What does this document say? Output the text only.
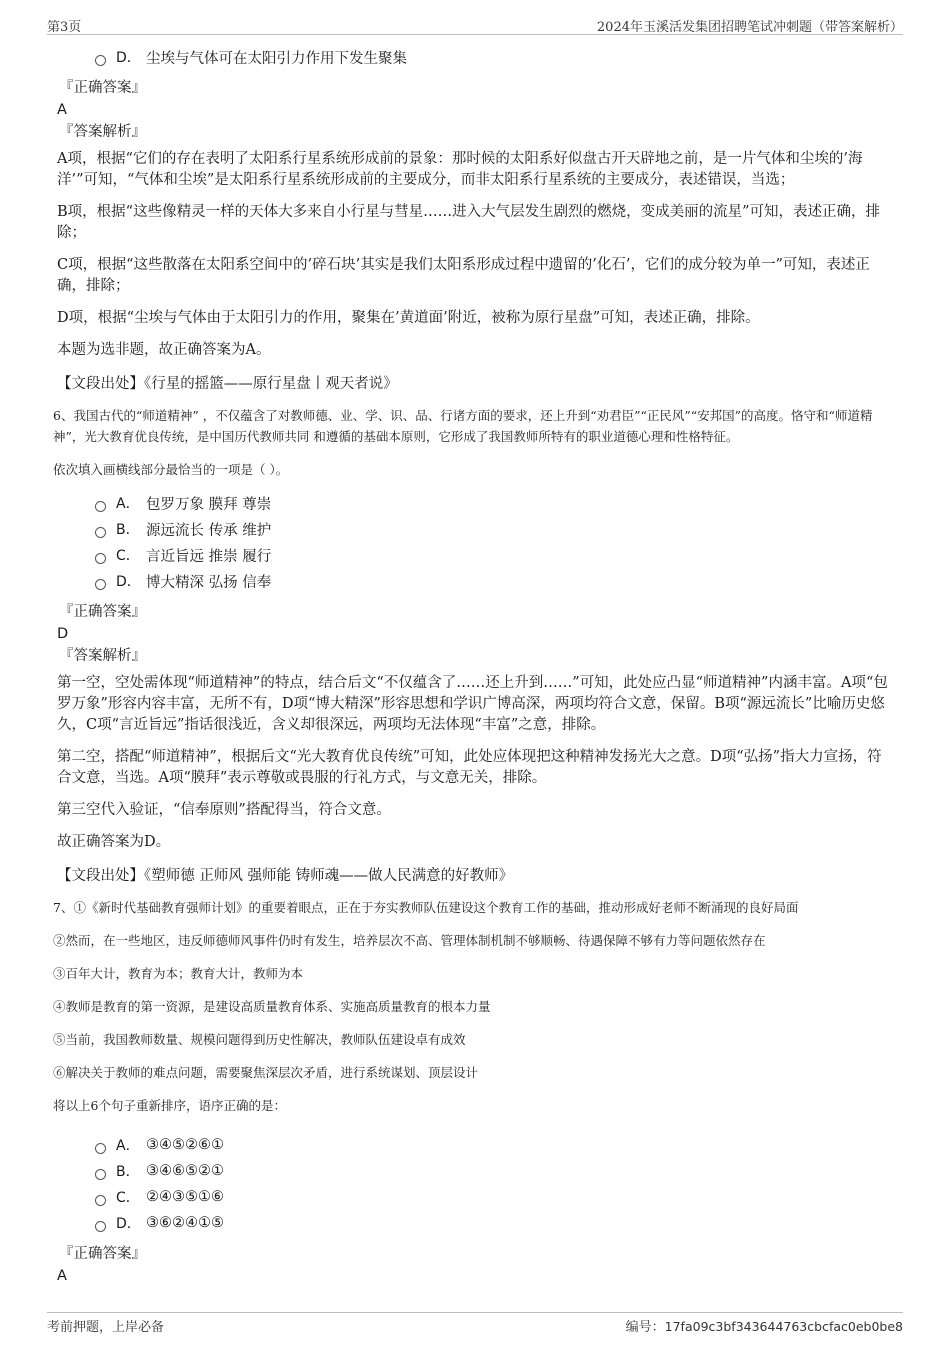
第3页	2024年玉溪活发集团招聘笔试冲刺题（带答案解析）
D． 尘埃与气体可在太阳引力作用下发生聚集
『正确答案』
A
『答案解析』

A项，根据“它们的存在表明了太阳系行星系统形成前的景象：那时候的太阳系好似盘古开天辟地之前，是一片气体和尘埃的’海洋’”可知，“气体和尘埃”是太阳系行星系统形成前的主要成分，而非太阳系行星系统的主要成分，表述错误，当选；

B项，根据“这些像精灵一样的天体大多来自小行星与彗星……进入大气层发生剧烈的燃烧，变成美丽的流星”可知，表述正确，排除；

C项，根据“这些散落在太阳系空间中的’碎石块’其实是我们太阳系形成过程中遗留的’化石’，它们的成分较为单一”可知，表述正确，排除；

D项，根据“尘埃与气体由于太阳引力的作用，聚集在’黄道面’附近，被称为原行星盘”可知，表述正确，排除。

本题为选非题，故正确答案为A。

【文段出处】《行星的摇篮——原行星盘丨观天者说》
6、我国古代的“师道精神” ，不仅蕴含了对教师德、业、学、识、品、行诸方面的要求，还上升到“劝君臣”“正民风”“安邦国”的高度。恪守和“师道精神”，光大教育优良传统，是中国历代教师共同 和遵循的基础本原则，它形成了我国教师所特有的职业道德心理和性格特征。
依次填入画横线部分最恰当的一项是（ ）。
A． 包罗万象 膜拜 尊崇
B． 源远流长 传承 维护
C． 言近旨远 推崇 履行
D． 博大精深 弘扬 信奉
『正确答案』
D
『答案解析』

第一空，空处需体现“师道精神”的特点，结合后文“不仅蕴含了……还上升到……”可知，此处应凸显“师道精神”内涵丰富。A项“包罗万象”形容内容丰富，无所不有，D项“博大精深”形容思想和学识广博高深，两项均符合文意，保留。B项“源远流长”比喻历史悠久，C项“言近旨远”指话很浅近，含义却很深远，两项均无法体现“丰富”之意，排除。

第二空，搭配“师道精神”，根据后文“光大教育优良传统”可知，此处应体现把这种精神发扬光大之意。D项“弘扬”指大力宣扬，符合文意，当选。A项“膜拜”表示尊敬或畏服的行礼方式，与文意无关，排除。

第三空代入验证，“信奉原则”搭配得当，符合文意。

故正确答案为D。

【文段出处】《塑师德 正师风 强师能 铸师魂——做人民满意的好教师》
7、①《新时代基础教育强师计划》的重要着眼点，正在于夯实教师队伍建设这个教育工作的基础，推动形成好老师不断涌现的良好局面
②然而，在一些地区，违反师德师风事件仍时有发生，培养层次不高、管理体制机制不够顺畅、待遇保障不够有力等问题依然存在
③百年大计，教育为本；教育大计，教师为本
④教师是教育的第一资源，是建设高质量教育体系、实施高质量教育的根本力量
⑤当前，我国教师数量、规模问题得到历史性解决，教师队伍建设卓有成效
⑥解决关于教师的难点问题，需要聚焦深层次矛盾，进行系统谋划、顶层设计
将以上6个句子重新排序，语序正确的是：
A． ③④⑤②⑥①
B． ③④⑥⑤②①
C． ②④③⑤①⑥
D． ③⑥②④①⑤
『正确答案』
A
考前押题，上岸必备	编号：17fa09c3bf343644763cbcfac0eb0be8
